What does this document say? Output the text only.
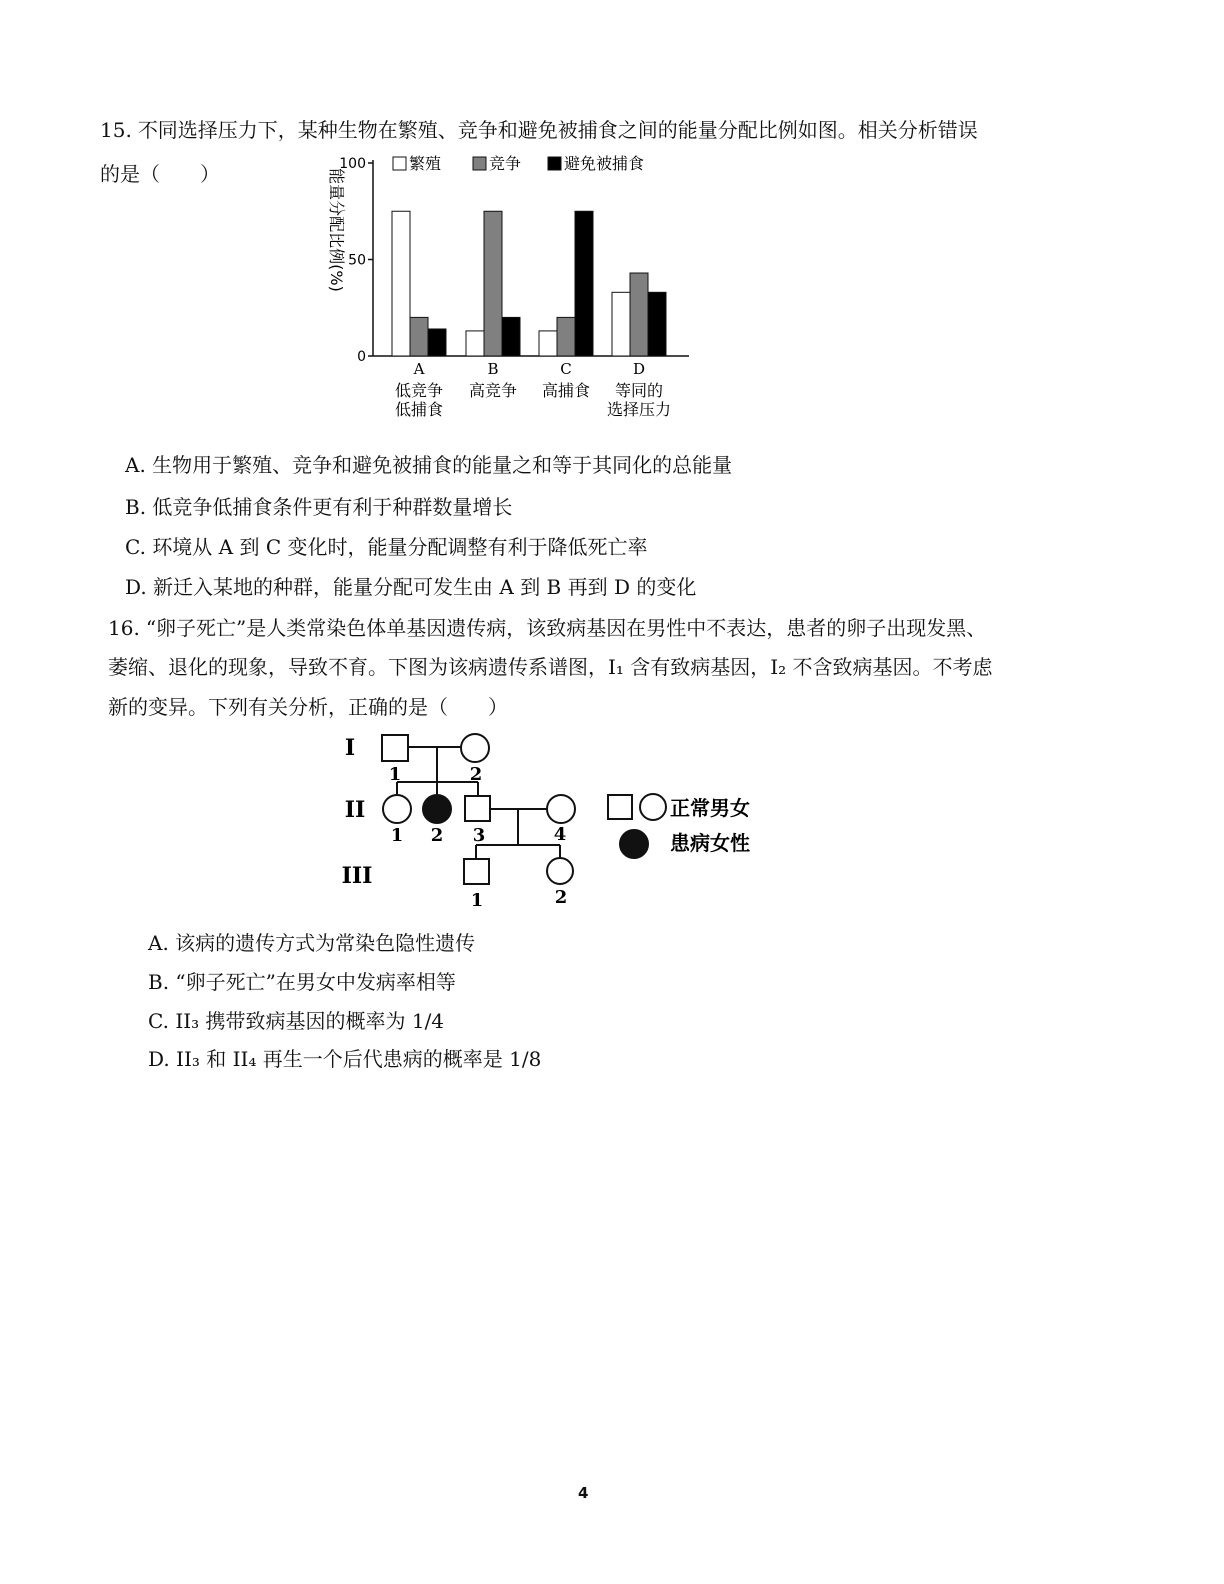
15. 不同选择压力下，某种生物在繁殖、竞争和避免被捕食之间的能量分配比例如图。相关分析错误
的是（　　）	繁殖	竞争	避免被捕食
能量分配比例(%)
0
50
100
A
低竞争
低捕食
B
高竞争
C
高捕食
D
等同的
选择压力
A. 生物用于繁殖、竞争和避免被捕食的能量之和等于其同化的总能量
B. 低竞争低捕食条件更有利于种群数量增长
C. 环境从 A 到 C 变化时，能量分配调整有利于降低死亡率
D. 新迁入某地的种群，能量分配可发生由 A 到 B 再到 D 的变化
16. “卵子死亡”是人类常染色体单基因遗传病，该致病基因在男性中不表达，患者的卵子出现发黑、
萎缩、退化的现象，导致不育。下图为该病遗传系谱图，I₁ 含有致病基因，I₂ 不含致病基因。不考虑
新的变异。下列有关分析，正确的是（　　）
I
II
III
1	2
1 2 3	4
1	2
正常男女
患病女性
A. 该病的遗传方式为常染色隐性遗传
B. “卵子死亡”在男女中发病率相等
C. II₃ 携带致病基因的概率为 1/4
D. II₃ 和 II₄ 再生一个后代患病的概率是 1/8
4
